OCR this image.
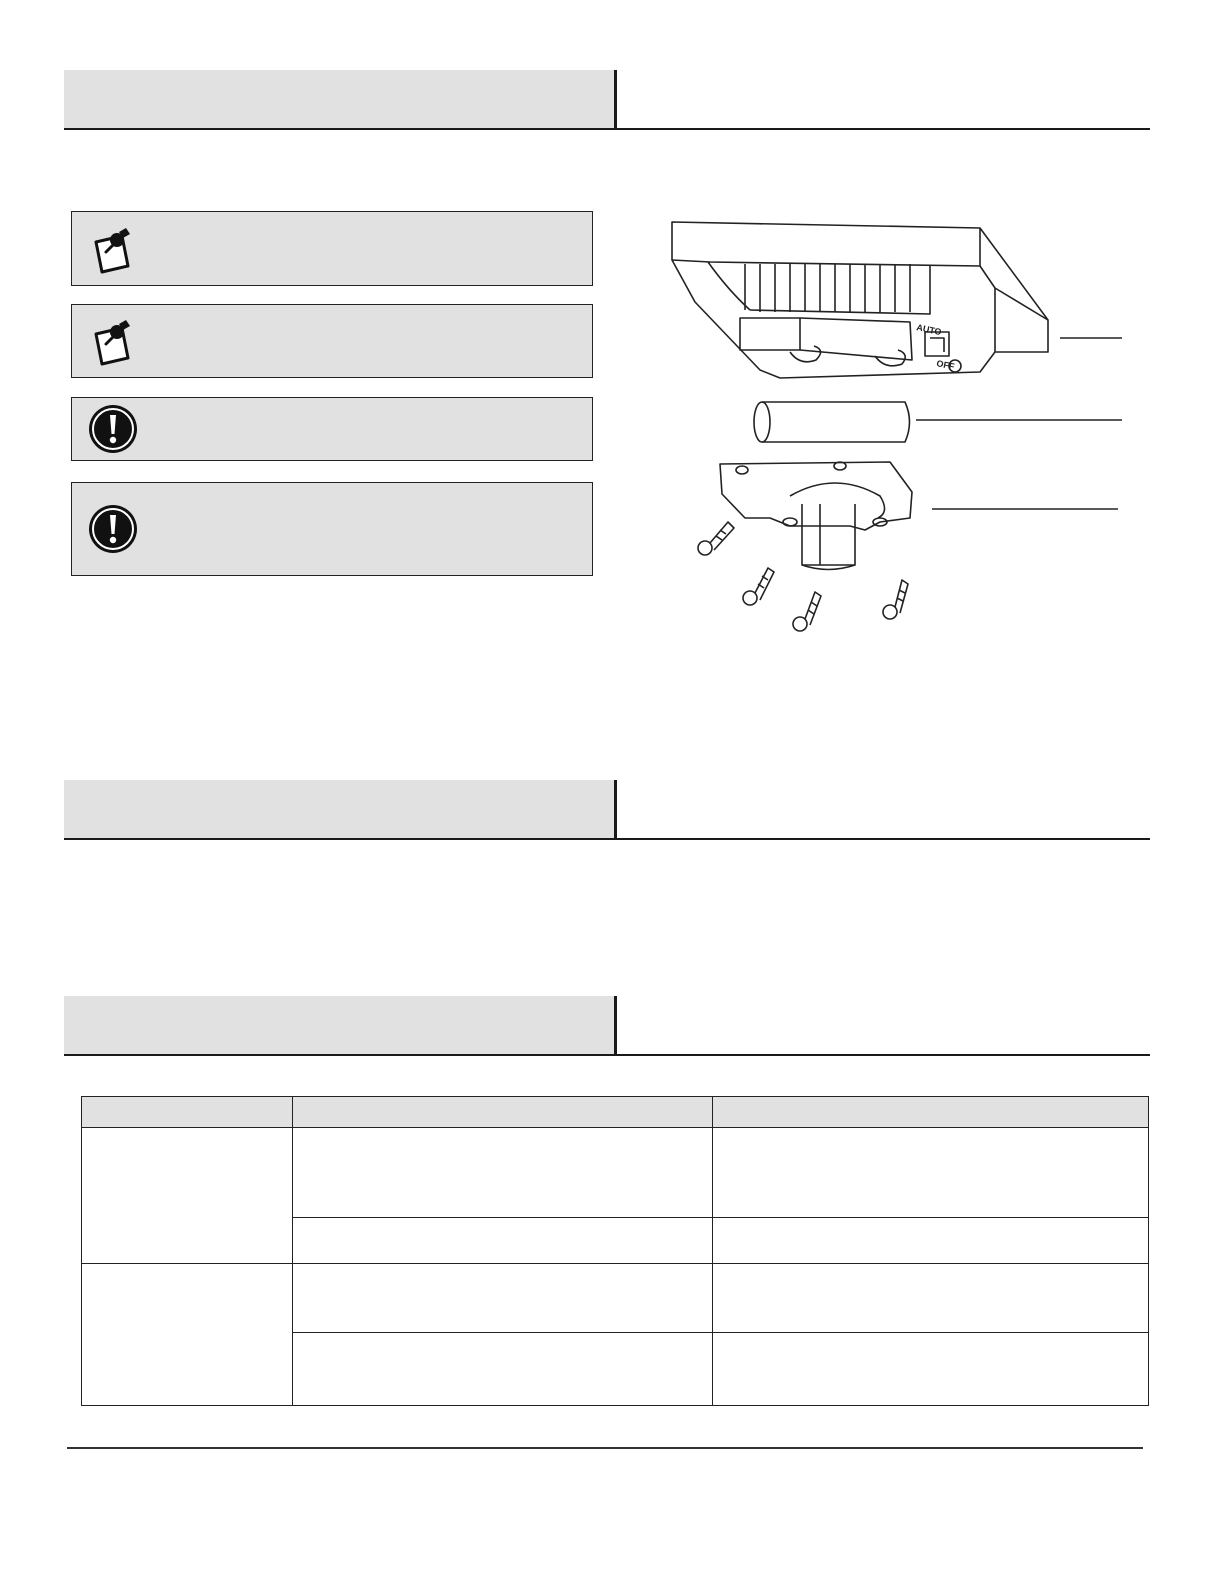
AUTO
OFF
